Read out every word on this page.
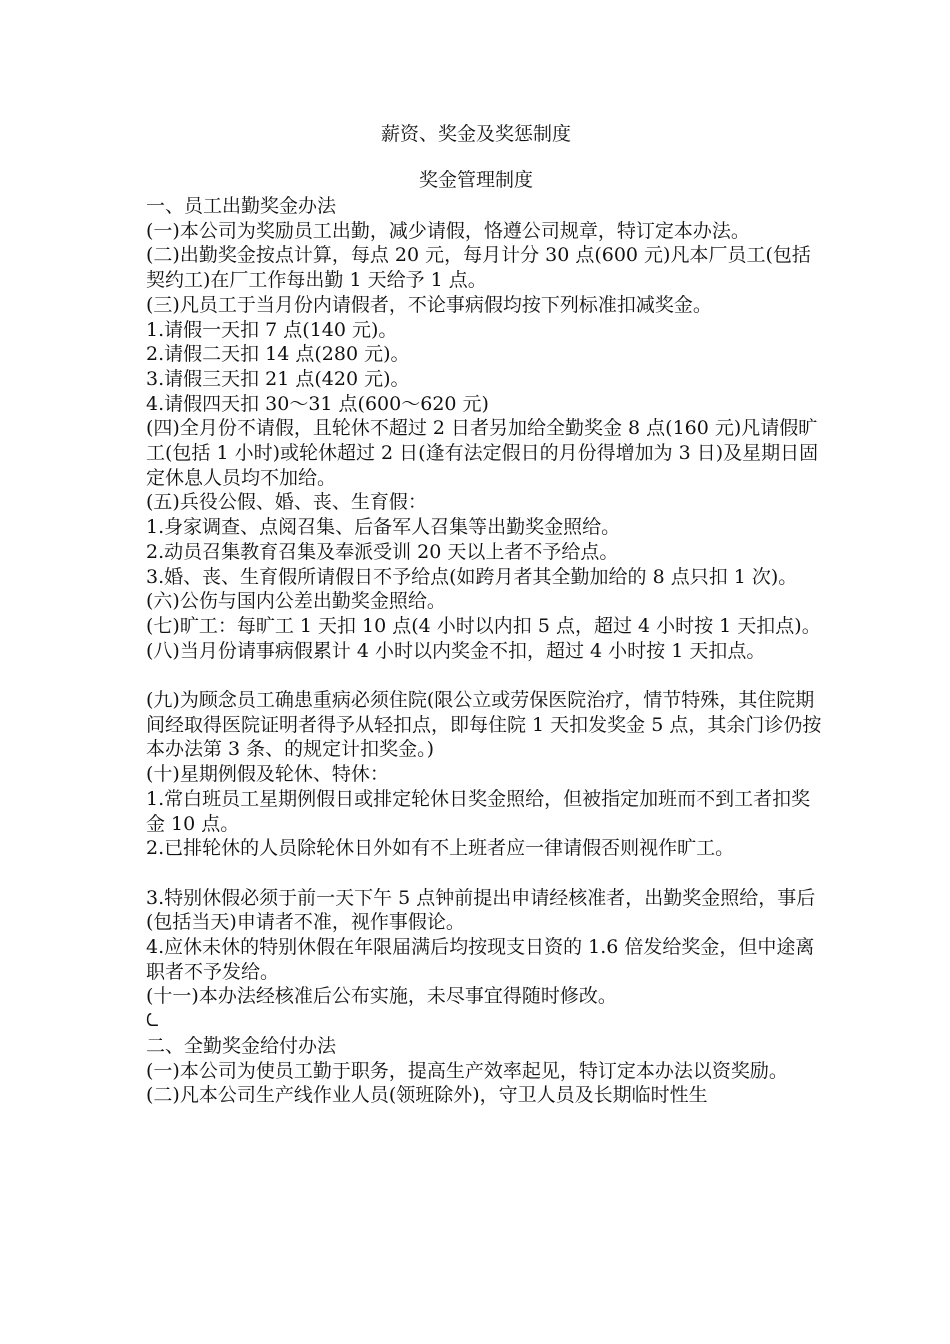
薪资、奖金及奖惩制度
奖金管理制度

一、员工出勤奖金办法

(一)本公司为奖励员工出勤，减少请假，恪遵公司规章，特订定本办法。

(二)出勤奖金按点计算，每点 20 元，每月计分 30 点(600 元)凡本厂员工(包括契约工)在厂工作每出勤 1 天给予 1 点。

(三)凡员工于当月份内请假者，不论事病假均按下列标准扣减奖金。

1.请假一天扣 7 点(140 元)。

2.请假二天扣 14 点(280 元)。

3.请假三天扣 21 点(420 元)。

4.请假四天扣 30～31 点(600～620 元)

(四)全月份不请假，且轮休不超过 2 日者另加给全勤奖金 8 点(160 元)凡请假旷工(包括 1 小时)或轮休超过 2 日(逢有法定假日的月份得增加为 3 日)及星期日固定休息人员均不加给。

(五)兵役公假、婚、丧、生育假：

1.身家调查、点阅召集、后备军人召集等出勤奖金照给。

2.动员召集教育召集及奉派受训 20 天以上者不予给点。

3.婚、丧、生育假所请假日不予给点(如跨月者其全勤加给的 8 点只扣 1 次)。

(六)公伤与国内公差出勤奖金照给。

(七)旷工：每旷工 1 天扣 10 点(4 小时以内扣 5 点，超过 4 小时按 1 天扣点)。

(八)当月份请事病假累计 4 小时以内奖金不扣，超过 4 小时按 1 天扣点。

(九)为顾念员工确患重病必须住院(限公立或劳保医院治疗，情节特殊，其住院期间经取得医院证明者得予从轻扣点，即每住院 1 天扣发奖金 5 点，其余门诊仍按本办法第 3 条、的规定计扣奖金。)

(十)星期例假及轮休、特休：

1.常白班员工星期例假日或排定轮休日奖金照给，但被指定加班而不到工者扣奖金 10 点。

2.已排轮休的人员除轮休日外如有不上班者应一律请假否则视作旷工。

3.特别休假必须于前一天下午 5 点钟前提出申请经核准者，出勤奖金照给，事后(包括当天)申请者不准，视作事假论。

4.应休未休的特别休假在年限届满后均按现支日资的 1.6 倍发给奖金，但中途离职者不予发给。

(十一)本办法经核准后公布实施，未尽事宜得随时修改。

ᘇ

二、全勤奖金给付办法

(一)本公司为使员工勤于职务，提高生产效率起见，特订定本办法以资奖励。

(二)凡本公司生产线作业人员(领班除外)，守卫人员及长期临时性生
